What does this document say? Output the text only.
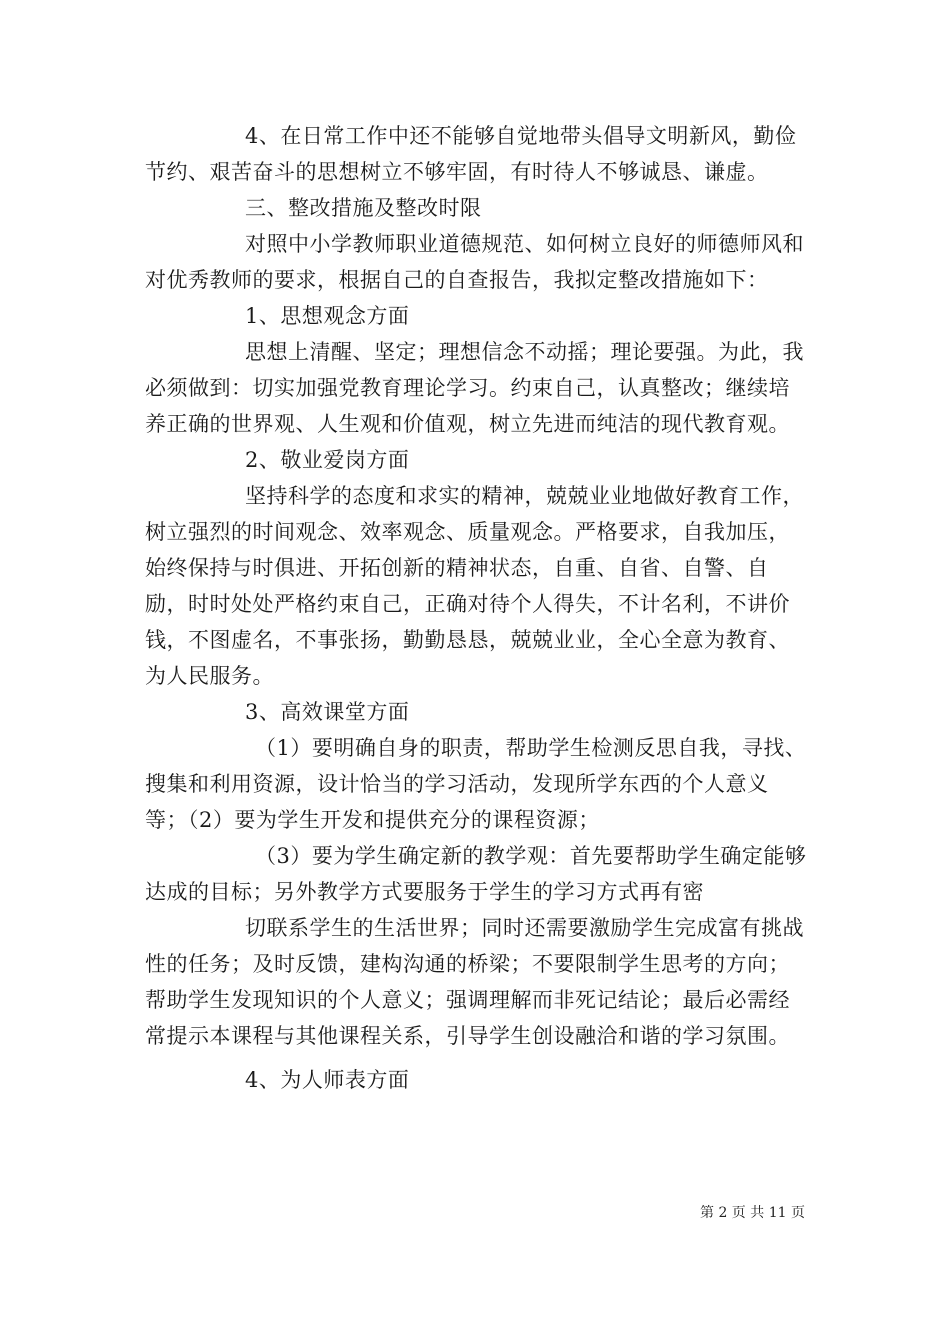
4、在日常工作中还不能够自觉地带头倡导文明新风，勤俭节约、艰苦奋斗的思想树立不够牢固，有时待人不够诚恳、谦虚。

三、整改措施及整改时限

对照中小学教师职业道德规范、如何树立良好的师德师风和对优秀教师的要求，根据自己的自查报告，我拟定整改措施如下：

1、思想观念方面

思想上清醒、坚定；理想信念不动摇；理论要强。为此，我必须做到：切实加强党教育理论学习。约束自己，认真整改；继续培养正确的世界观、人生观和价值观，树立先进而纯洁的现代教育观。

2、敬业爱岗方面

坚持科学的态度和求实的精神，兢兢业业地做好教育工作，树立强烈的时间观念、效率观念、质量观念。严格要求，自我加压，始终保持与时俱进、开拓创新的精神状态，自重、自省、自警、自励，时时处处严格约束自己，正确对待个人得失，不计名利，不讲价钱，不图虚名，不事张扬，勤勤恳恳，兢兢业业，全心全意为教育、为人民服务。

3、高效课堂方面

（1）要明确自身的职责，帮助学生检测反思自我，寻找、搜集和利用资源，设计恰当的学习活动，发现所学东西的个人意义等；（2）要为学生开发和提供充分的课程资源；

（3）要为学生确定新的教学观：首先要帮助学生确定能够达成的目标；另外教学方式要服务于学生的学习方式再有密

切联系学生的生活世界；同时还需要激励学生完成富有挑战性的任务；及时反馈，建构沟通的桥梁；不要限制学生思考的方向；帮助学生发现知识的个人意义；强调理解而非死记结论；最后必需经常提示本课程与其他课程关系，引导学生创设融洽和谐的学习氛围。

4、为人师表方面

第 2 页 共 11 页
